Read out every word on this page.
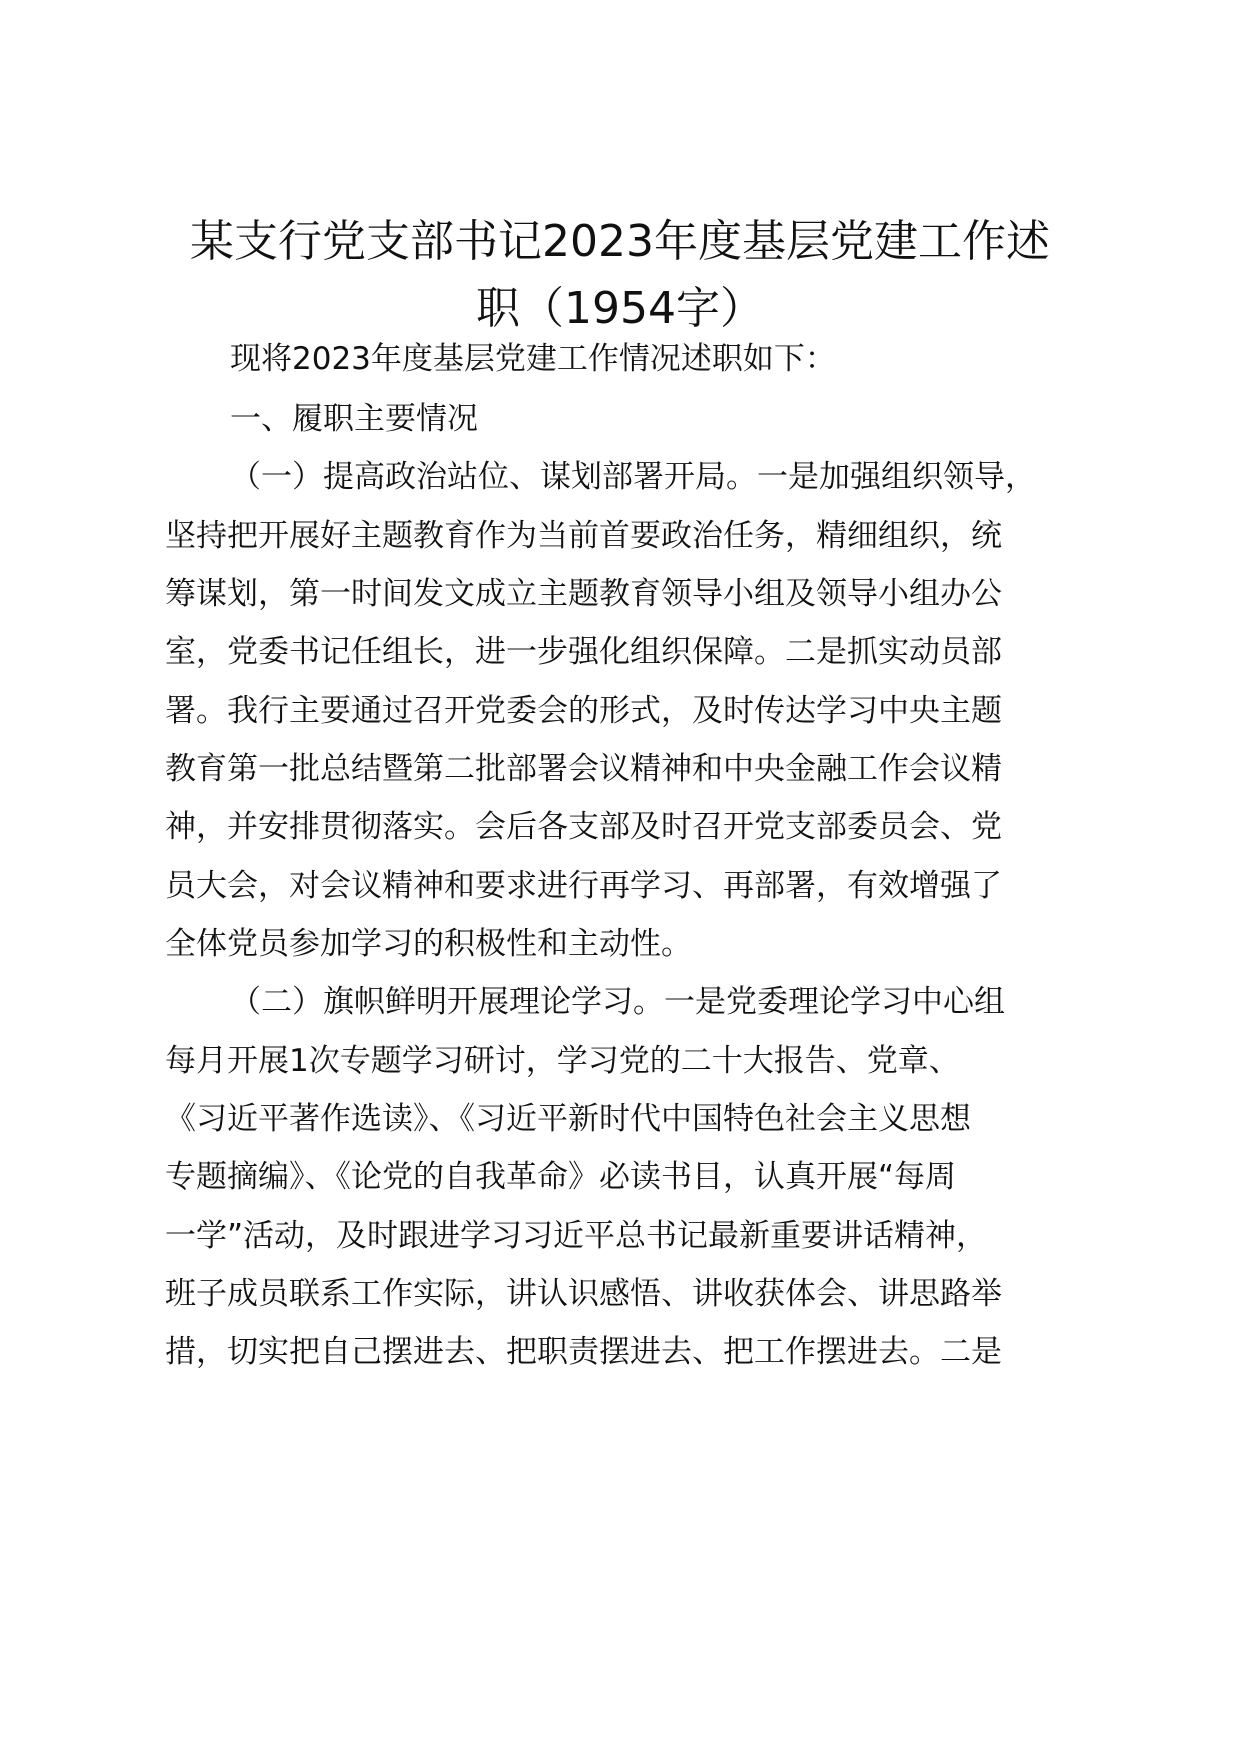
某支行党支部书记2023年度基层党建工作述
职（1954字）
现将2023年度基层党建工作情况述职如下：
一、履职主要情况
（一）提高政治站位、谋划部署开局。一是加强组织领导，
坚持把开展好主题教育作为当前首要政治任务，精细组织，统
筹谋划，第一时间发文成立主题教育领导小组及领导小组办公
室，党委书记任组长，进一步强化组织保障。二是抓实动员部
署。我行主要通过召开党委会的形式，及时传达学习中央主题
教育第一批总结暨第二批部署会议精神和中央金融工作会议精
神，并安排贯彻落实。会后各支部及时召开党支部委员会、党
员大会，对会议精神和要求进行再学习、再部署，有效增强了
全体党员参加学习的积极性和主动性。
（二）旗帜鲜明开展理论学习。一是党委理论学习中心组
每月开展1次专题学习研讨，学习党的二十大报告、党章、
《习近平著作选读》、《习近平新时代中国特色社会主义思想
专题摘编》、《论党的自我革命》必读书目，认真开展“每周
一学”活动，及时跟进学习习近平总书记最新重要讲话精神，
班子成员联系工作实际，讲认识感悟、讲收获体会、讲思路举
措，切实把自己摆进去、把职责摆进去、把工作摆进去。二是
